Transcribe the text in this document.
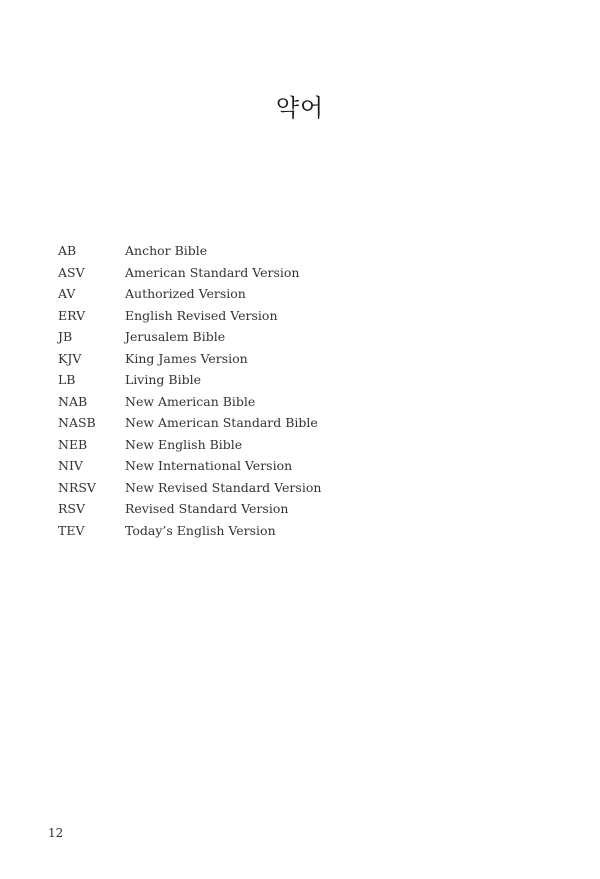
약어
AB	Anchor Bible
ASV	American Standard Version
AV	Authorized Version
ERV	English Revised Version
JB	Jerusalem Bible
KJV	King James Version
LB	Living Bible
NAB	New American Bible
NASB	New American Standard Bible
NEB	New English Bible
NIV	New International Version
NRSV	New Revised Standard Version
RSV	Revised Standard Version
TEV	Today’s English Version
12
